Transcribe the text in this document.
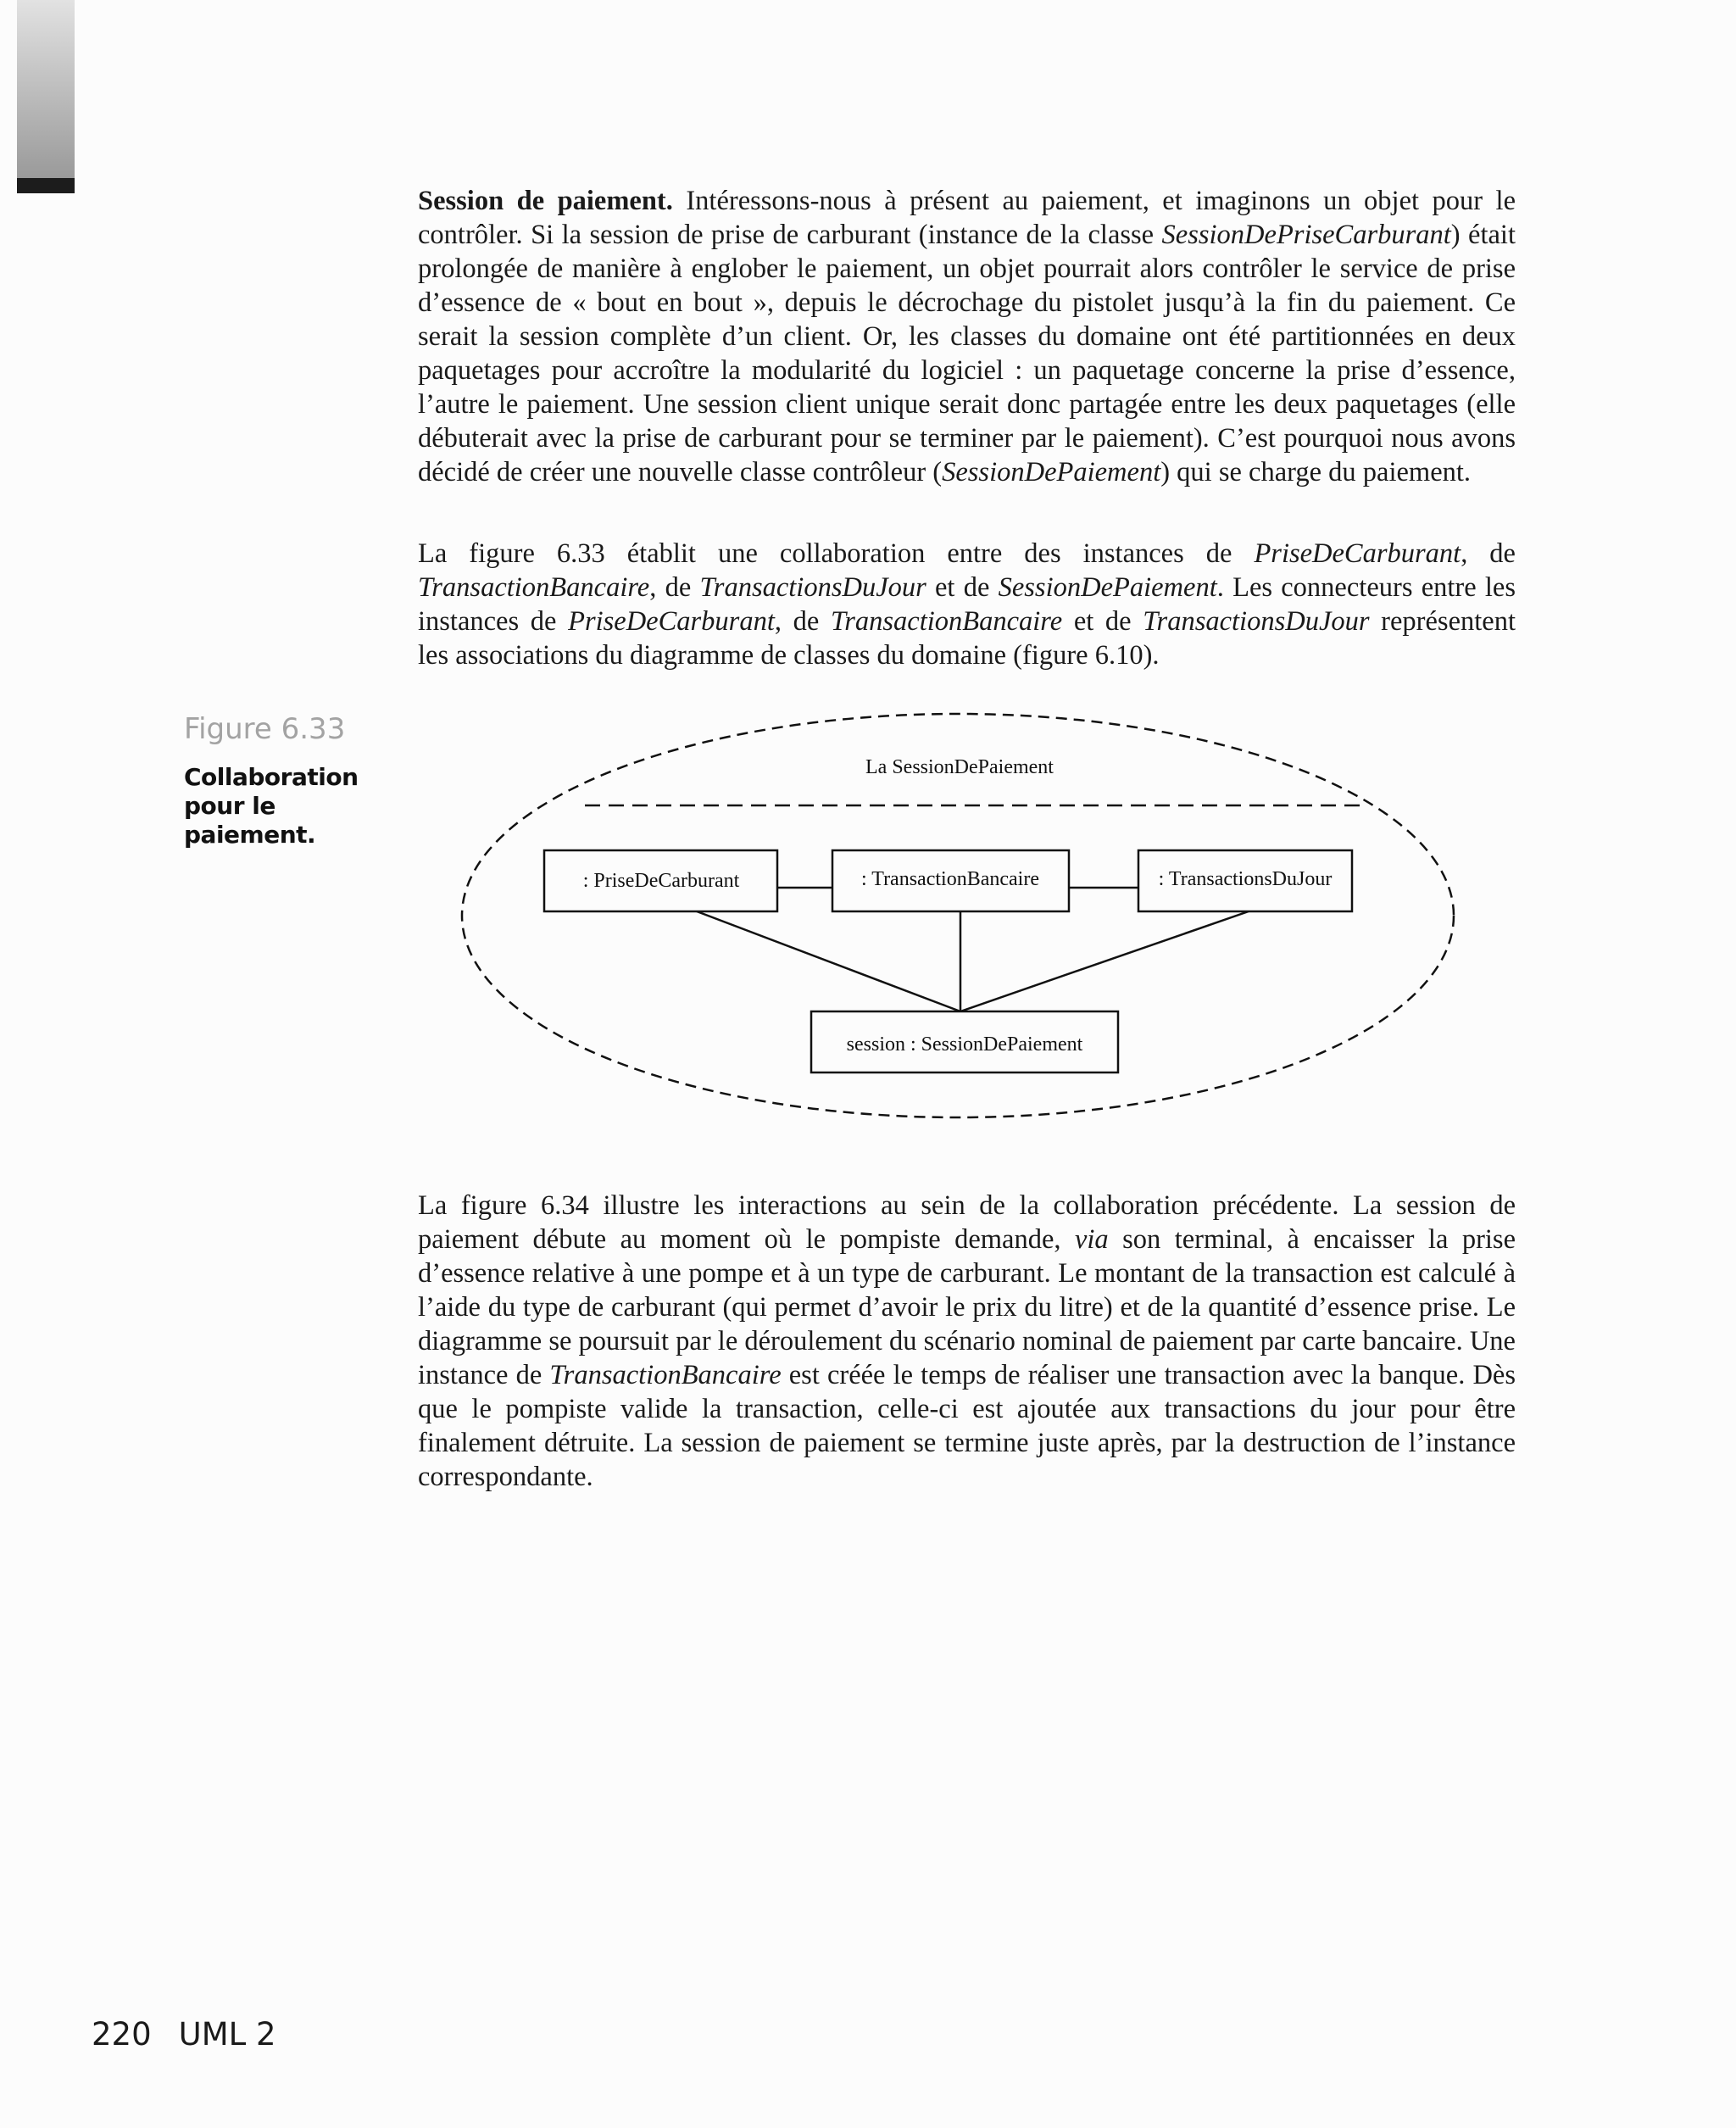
Session de paiement. Intéressons-nous à présent au paiement, et imaginons un objet pour le contrôler. Si la session de prise de carburant (instance de la classe SessionDePriseCarburant) était prolongée de manière à englober le paiement, un objet pourrait alors contrôler le service de prise d’essence de « bout en bout », depuis le décrochage du pistolet jusqu’à la fin du paiement. Ce serait la session complète d’un client. Or, les classes du domaine ont été partitionnées en deux paquetages pour accroître la modularité du logiciel : un paquetage concerne la prise d’essence, l’autre le paiement. Une session client unique serait donc partagée entre les deux paquetages (elle débuterait avec la prise de carburant pour se terminer par le paiement). C’est pourquoi nous avons décidé de créer une nouvelle classe contrôleur (SessionDePaiement) qui se charge du paiement.

La figure 6.33 établit une collaboration entre des instances de PriseDeCarburant, de TransactionBancaire, de TransactionsDuJour et de SessionDePaiement. Les connecteurs entre les instances de PriseDeCarburant, de TransactionBancaire et de TransactionsDuJour représentent les associations du diagramme de classes du domaine (figure 6.10).

Figure 6.33
Collaboration pour le paiement.
La SessionDePaiement
: PriseDeCarburant	: TransactionBancaire	: TransactionsDuJour
session : SessionDePaiement

La figure 6.34 illustre les interactions au sein de la collaboration précédente. La session de paiement débute au moment où le pompiste demande, via son terminal, à encaisser la prise d’essence relative à une pompe et à un type de carburant. Le montant de la transaction est calculé à l’aide du type de carburant (qui permet d’avoir le prix du litre) et de la quantité d’essence prise. Le diagramme se poursuit par le déroulement du scénario nominal de paiement par carte bancaire. Une instance de TransactionBancaire est créée le temps de réaliser une transaction avec la banque. Dès que le pompiste valide la transaction, celle-ci est ajoutée aux transactions du jour pour être finalement détruite. La session de paiement se termine juste après, par la destruction de l’instance correspondante.

220 UML 2
